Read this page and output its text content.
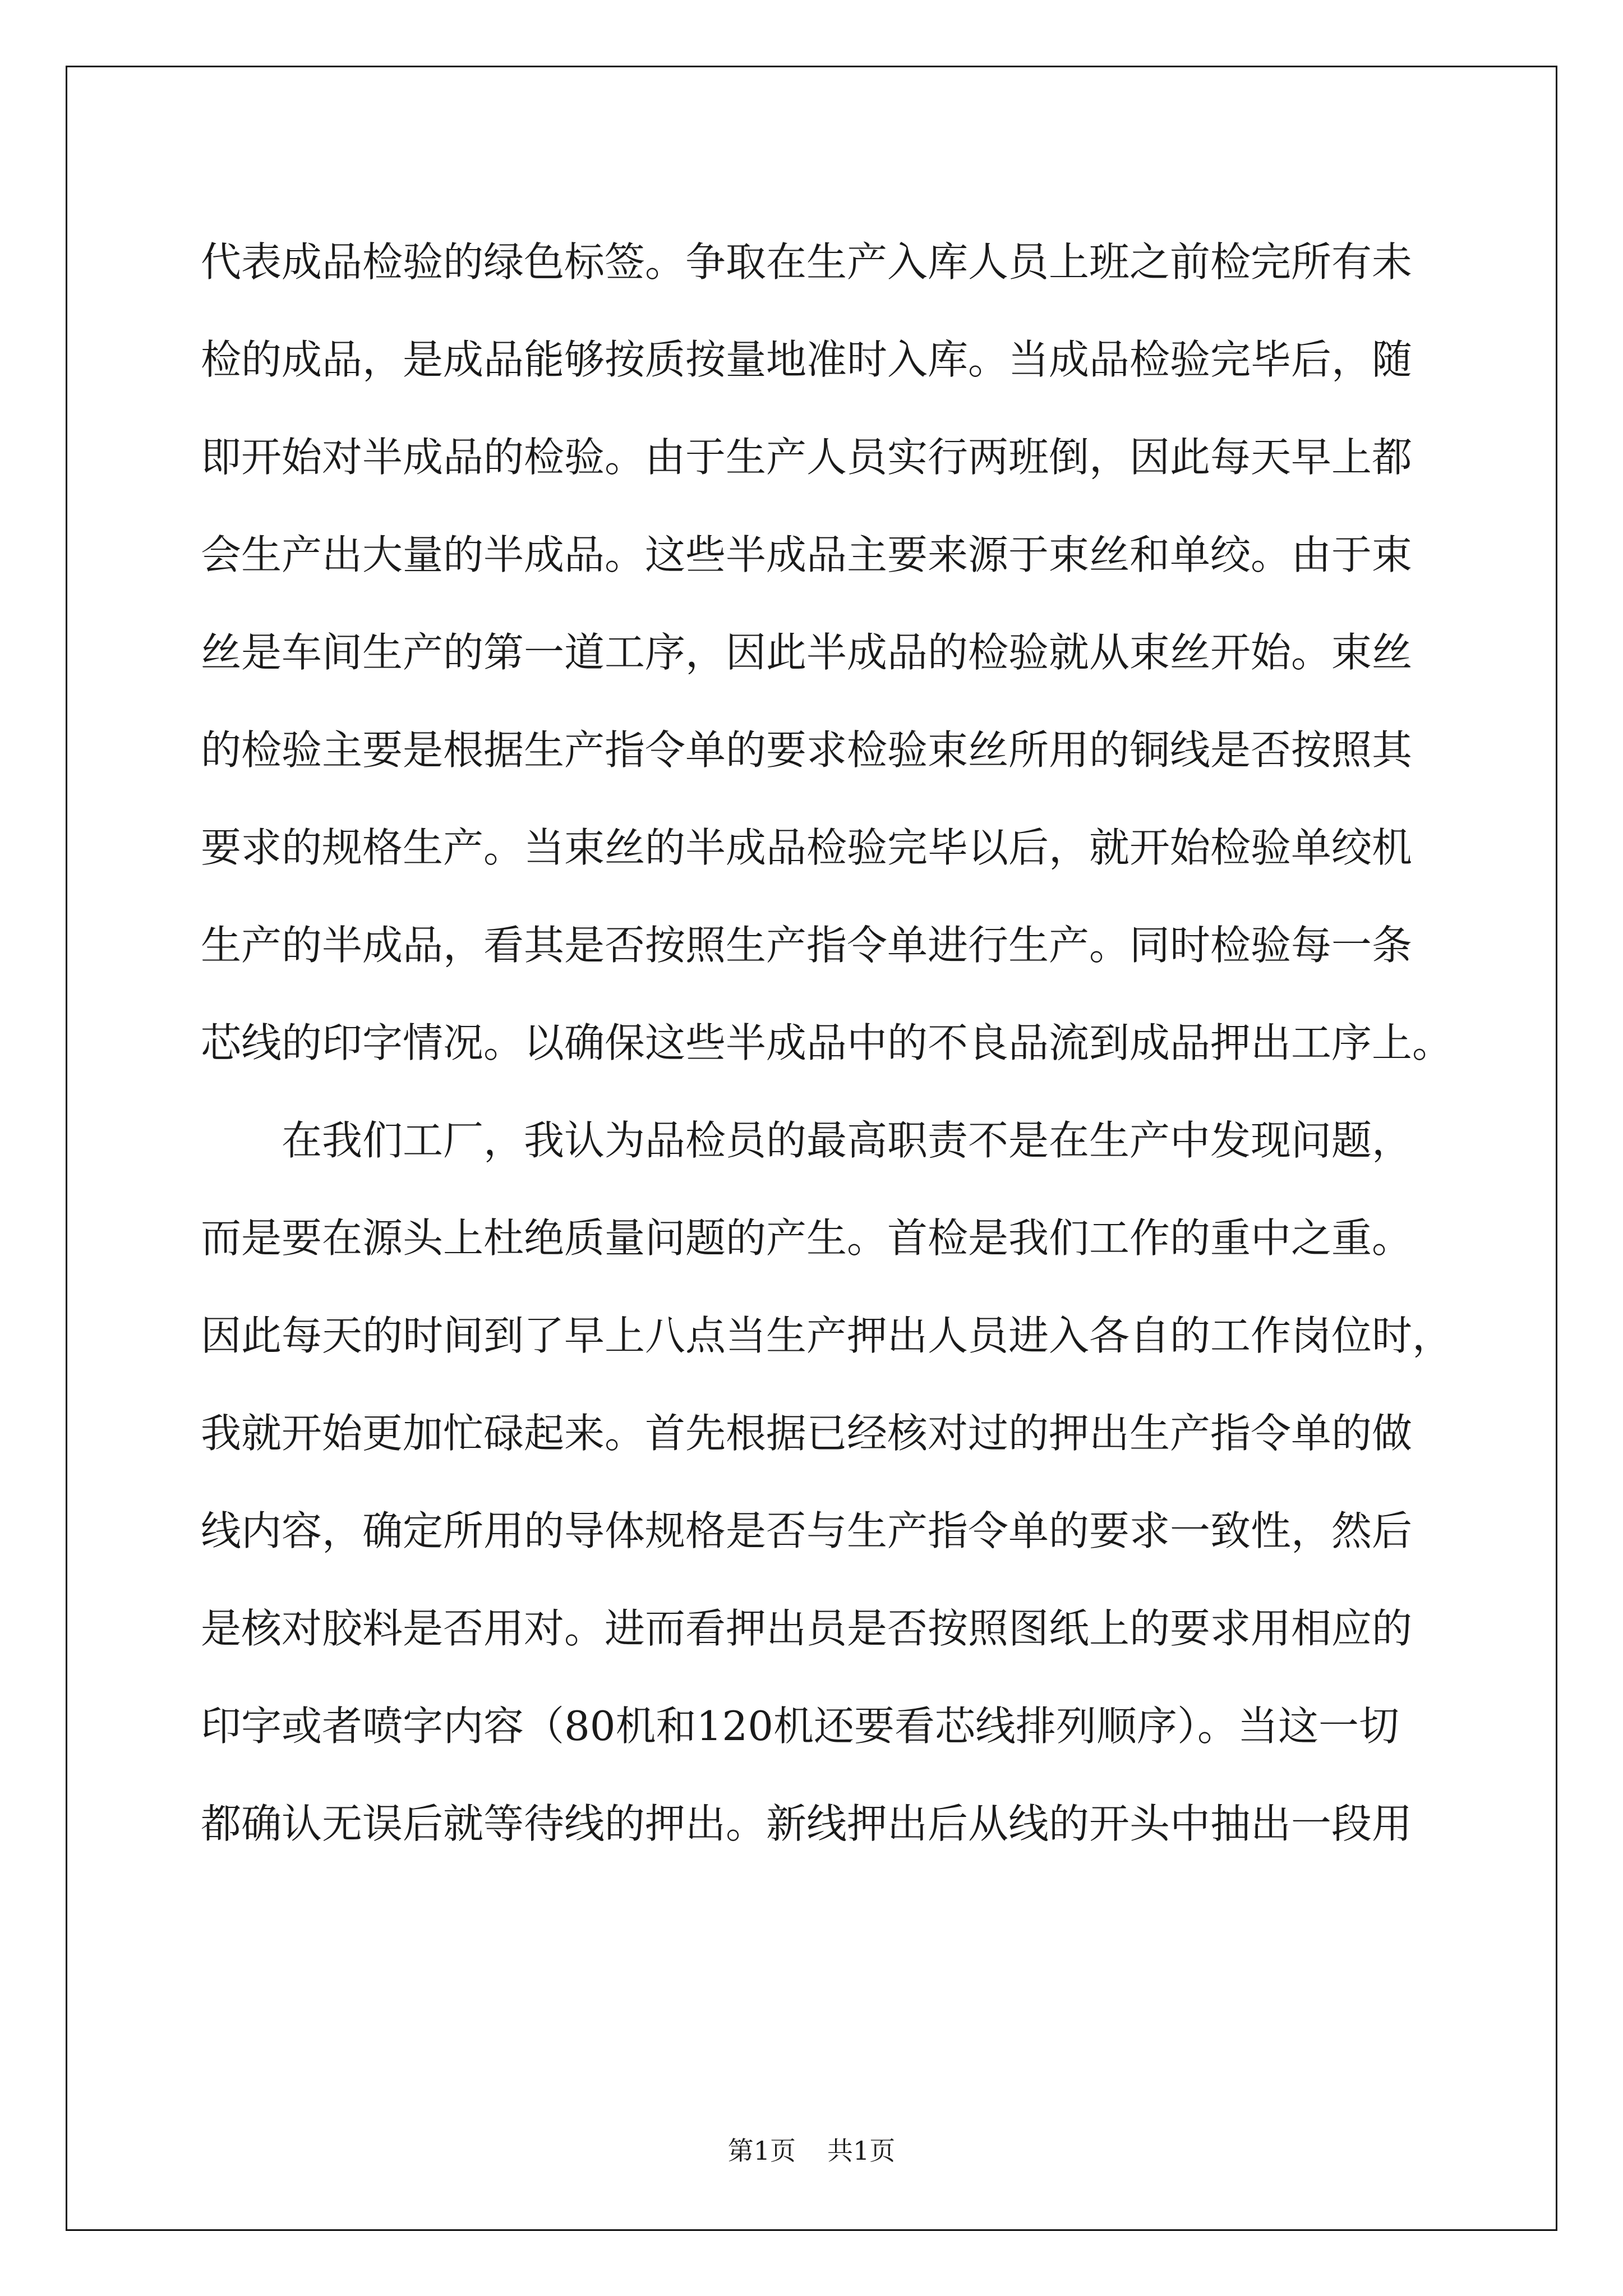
代表成品检验的绿色标签。争取在生产入库人员上班之前检完所有未
检的成品，是成品能够按质按量地准时入库。当成品检验完毕后，随
即开始对半成品的检验。由于生产人员实行两班倒，因此每天早上都
会生产出大量的半成品。这些半成品主要来源于束丝和单绞。由于束
丝是车间生产的第一道工序，因此半成品的检验就从束丝开始。束丝
的检验主要是根据生产指令单的要求检验束丝所用的铜线是否按照其
要求的规格生产。当束丝的半成品检验完毕以后，就开始检验单绞机
生产的半成品，看其是否按照生产指令单进行生产。同时检验每一条
芯线的印字情况。以确保这些半成品中的不良品流到成品押出工序上。
在我们工厂，我认为品检员的最高职责不是在生产中发现问题，
而是要在源头上杜绝质量问题的产生。首检是我们工作的重中之重。
因此每天的时间到了早上八点当生产押出人员进入各自的工作岗位时，
我就开始更加忙碌起来。首先根据已经核对过的押出生产指令单的做
线内容，确定所用的导体规格是否与生产指令单的要求一致性，然后
是核对胶料是否用对。进而看押出员是否按照图纸上的要求用相应的
印字或者喷字内容（80机和120机还要看芯线排列顺序）。当这一切
都确认无误后就等待线的押出。新线押出后从线的开头中抽出一段用
第1页 共1页
